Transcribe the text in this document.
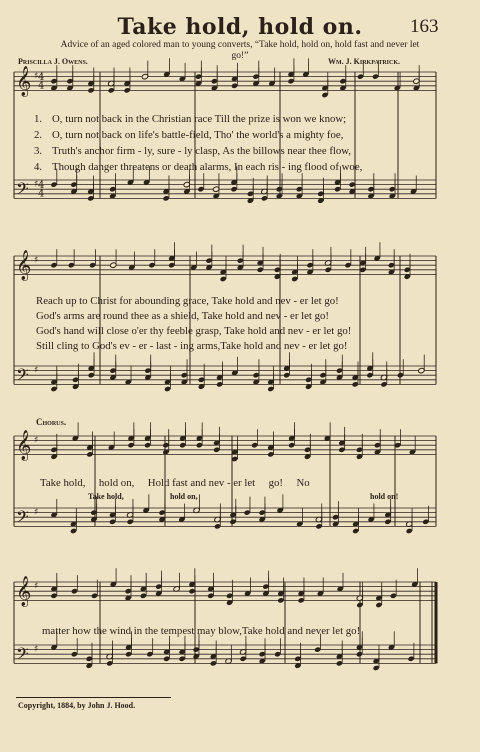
Take hold, hold on.	163
Advice of an aged colored man to young converts, “Take hold, hold on, hold fast and never let go!”
Priscilla J. Owens.	Wm. J. Kirkpatrick.
𝄞 4
4
♯
𝄢 4
4
♯
𝄞 ♯
𝄢 ♯
𝄞 ♯
𝄢 ♯
𝄞 ♯
𝄢 ♯
1. O, turn not back in the Christian race Till the prize is won we know;
2. O, turn not back on life's battle-field, Tho' the world's a mighty foe,
3. Truth's anchor firm - ly, sure - ly clasp, As the billows near thee flow,
4. Though danger threatens or death alarms, In each ris - ing flood of woe,
Reach up to Christ for abounding grace, Take hold and nev - er let go!
God's arms are round thee as a shield, Take hold and nev - er let go!
God's hand will close o'er thy feeble grasp, Take hold and nev - er let go!
Still cling to God's ev - er - last - ing arms,Take hold and nev - er let go!
Chorus.
Take hold,     hold on,     Hold fast and nev - er let     go!     No
Take hold,	hold on,	hold on!
matter how the wind in the tempest may blow,Take hold and never let go!
Copyright, 1884, by John J. Hood.
